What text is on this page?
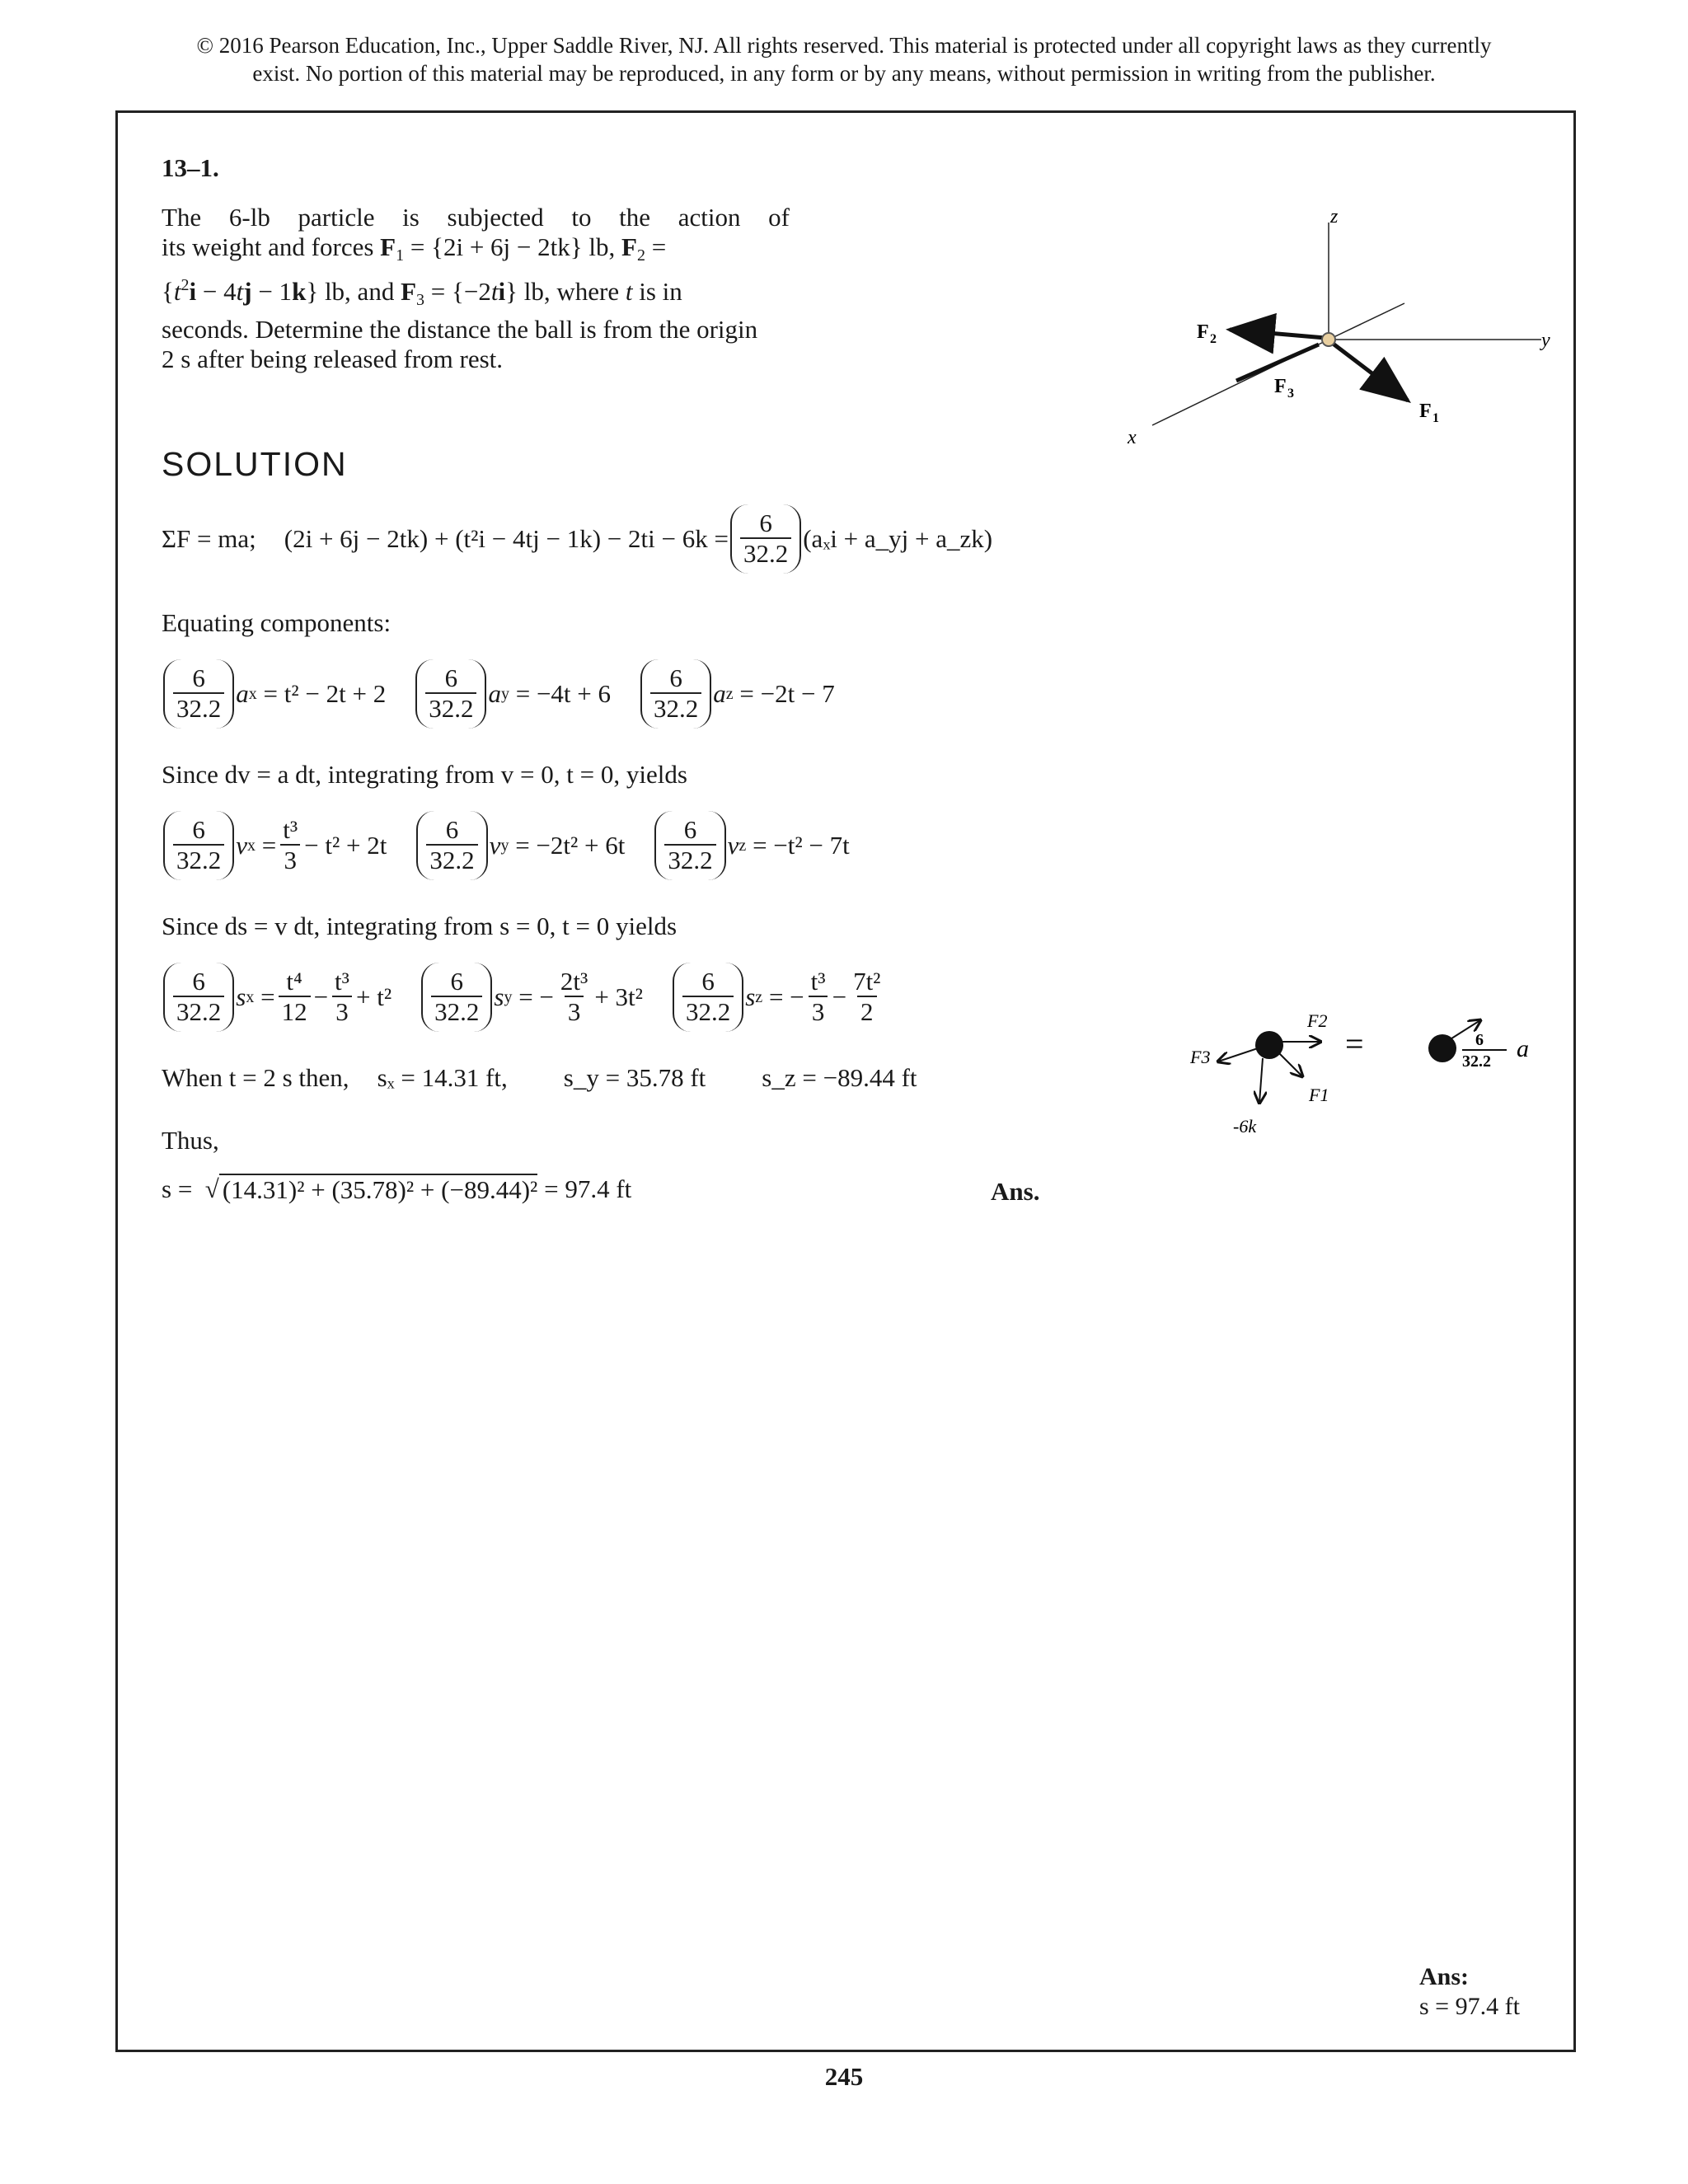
© 2016 Pearson Education, Inc., Upper Saddle River, NJ. All rights reserved. This material is protected under all copyright laws as they currently
exist. No portion of this material may be reproduced, in any form or by any means, without permission in writing from the publisher.
13–1.
The 6-lb particle is subjected to the action of
its weight and forces $F_1 = \{2i + 6j - 2tk\}$ lb, $F_2$ =
$\{t^2i - 4tj - 1k\}$ lb, and $F_3 = \{-2ti\}$ lb, where t is in
seconds. Determine the distance the ball is from the origin
2 s after being released from rest.
z
y
x
F 2
F 3
F 1
SOLUTION
ΣF = ma; $(2i + 6j - 2tk) + (t^2i - 4tj - 1k) - 2ti - 6k = \frac{6}{32.2} (a_xi$ + a_yj + a_zk)
Equating components:
$\frac{6}{32.2}$ a x
= $t^2 - 2t + 2 \frac{6}{32.2}$ a y
= $-4t + 6 \frac{6}{32.2}$ a z
= −2t − 7
Since dv = a dt, integrating from v = 0, t = 0, yields
$\frac{6}{32.2}$ v $x = \frac{\text{t³}}{3} - t^2 + 2t \frac{6}{32.2}$ v y
= $-2t^2 + 6t \frac{6}{32.2}$ v z
= −t² − 7t
Since ds = v dt, integrating from s = 0, t = 0 yields
$\frac{6}{32.2}$ s $x = \frac{\text{t⁴}}{12} - \frac{\text{t³}}{3} + t^2 \frac{6}{32.2}$ s y = − $\frac{\text{2t³}}{3} + 3t^2 \frac{6}{32.2}$ s z = − $\frac{\text{t³}}{3} - \frac{\text{7t²}}{2}$
When t = 2 s then, sₓ = 14.31 ft, s_y = 35.78 ft s_z = −89.44 ft
Thus,
s = √ (14.31)² + (35.78)² + (−89.44)²
= 97.4 ft	Ans.
F3
F2
F1
-6k
=	6
32.2 a
Ans:
s = 97.4 ft
245
